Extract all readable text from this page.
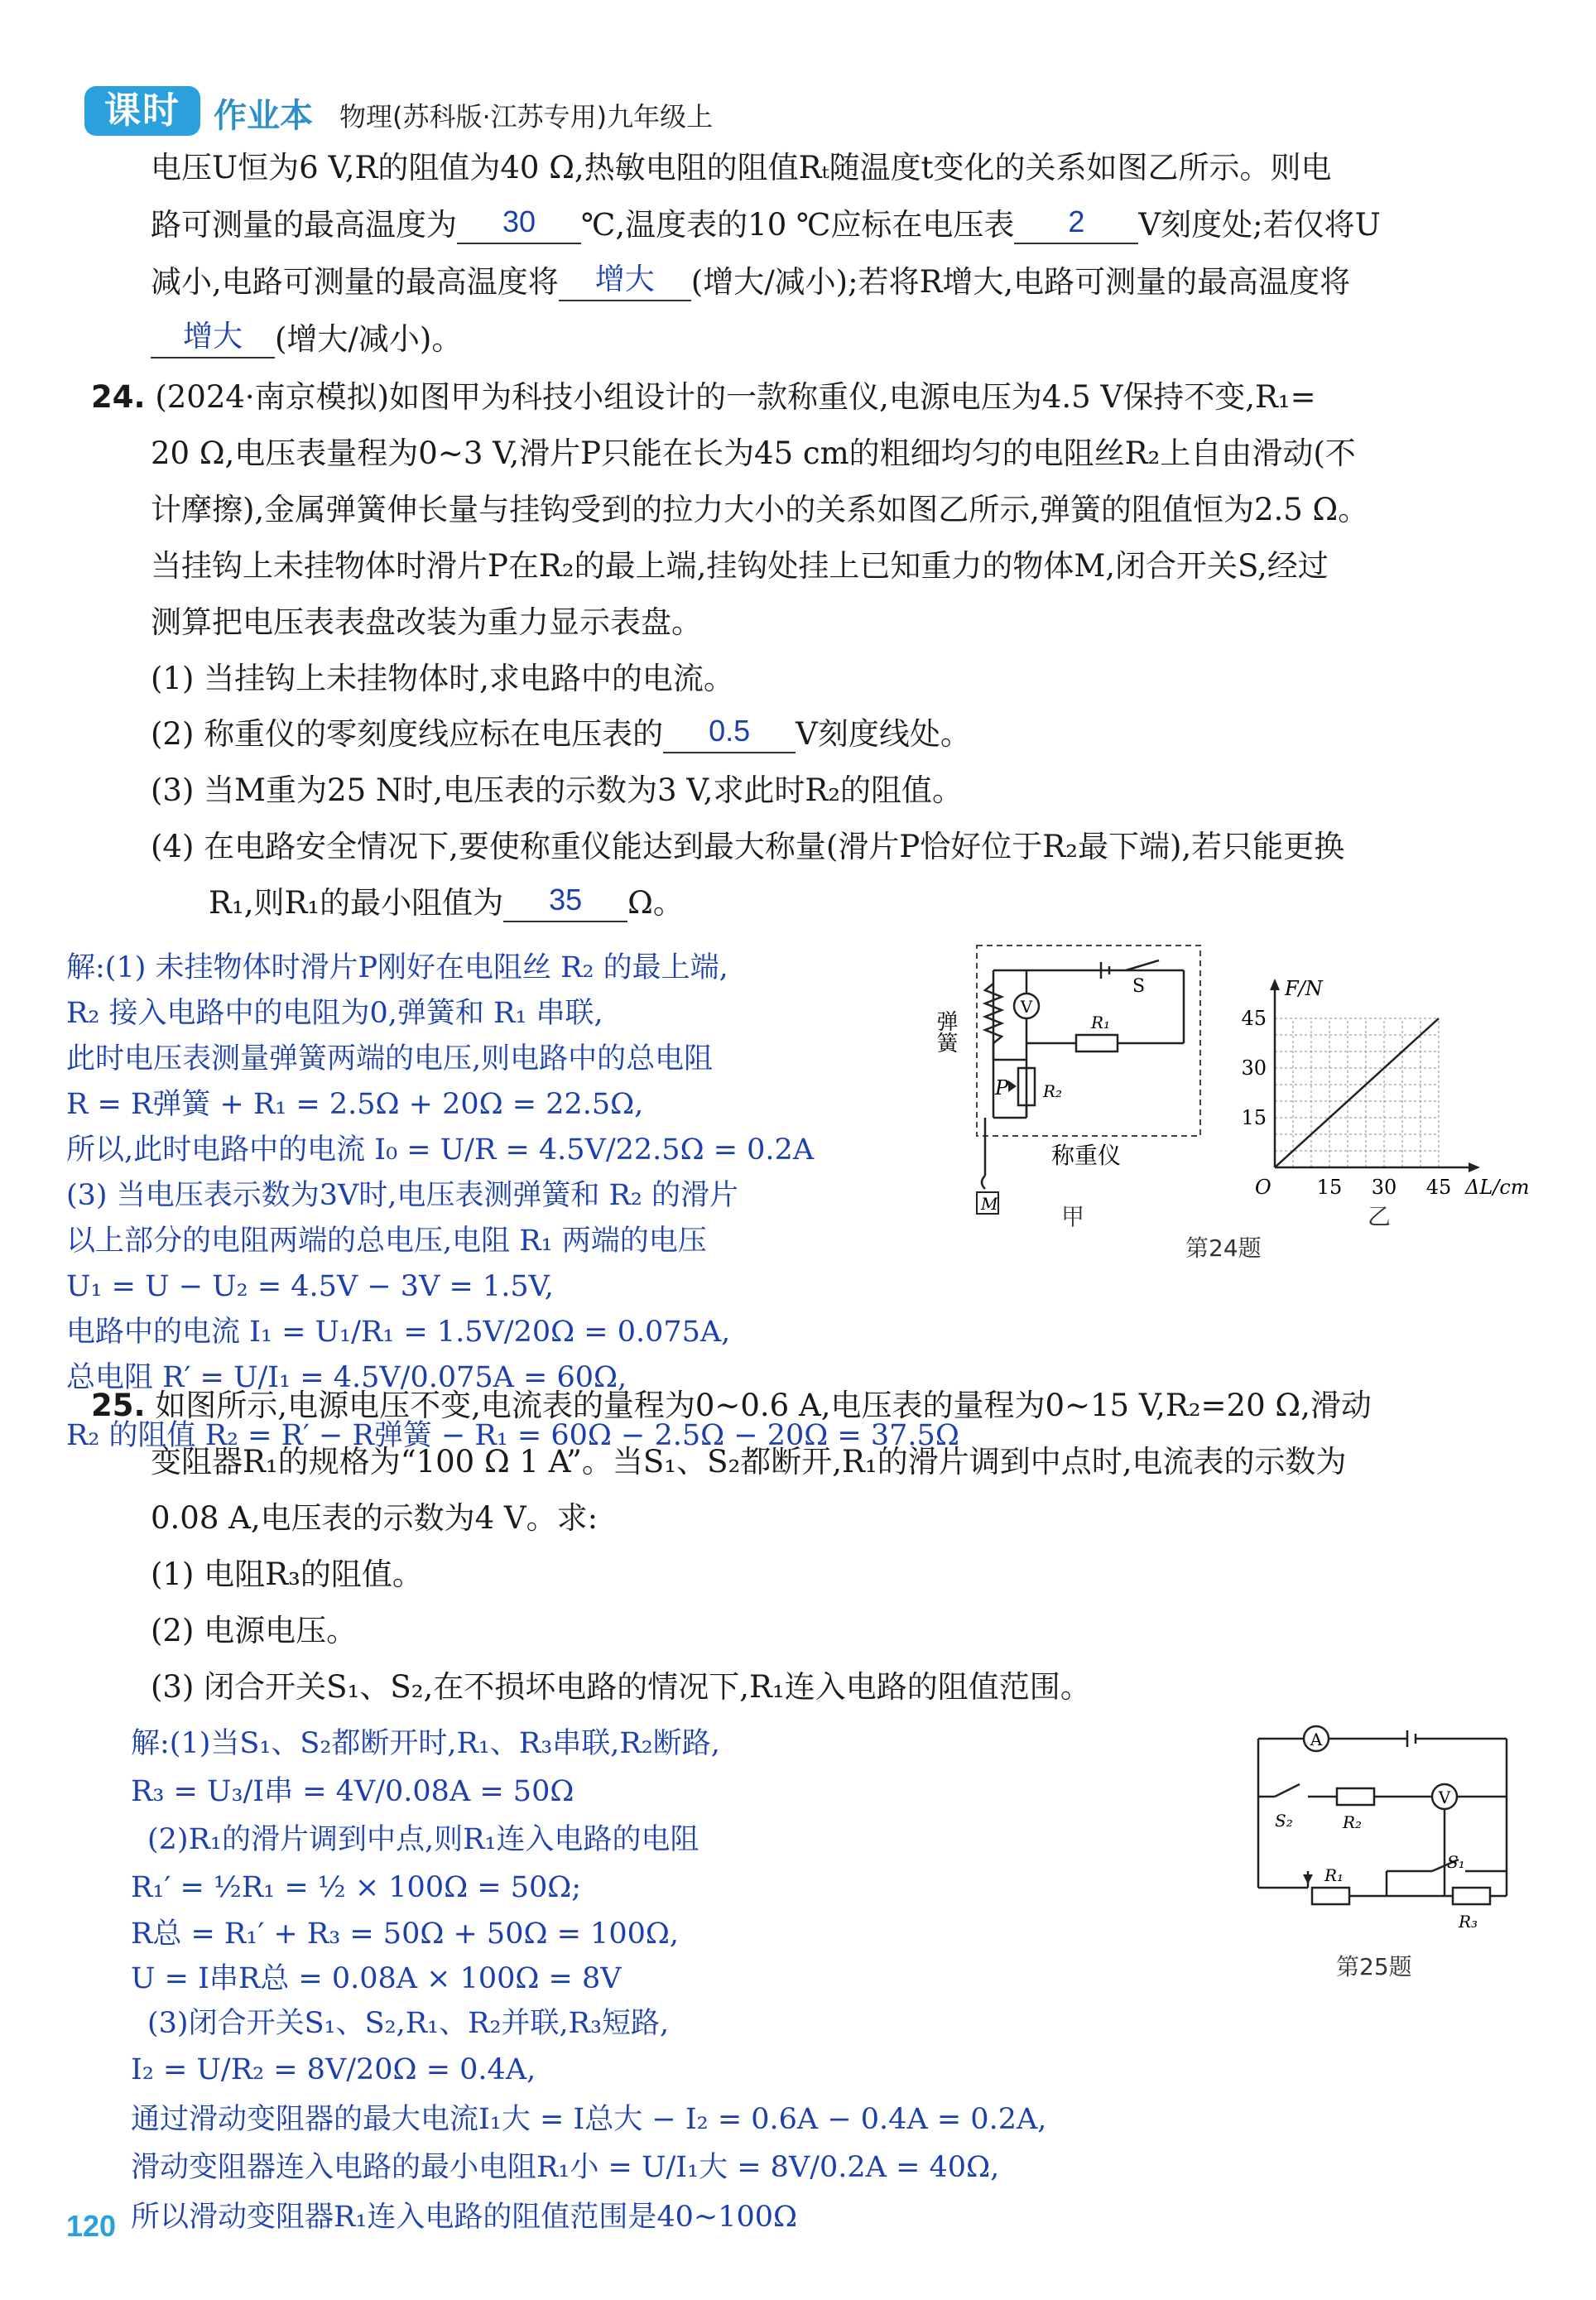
课时	作业本 物理(苏科版·江苏专用)九年级上
电压U恒为6 V,R的阻值为40 Ω,热敏电阻的阻值Rₜ随温度t变化的关系如图乙所示。则电
路可测量的最高温度为 30 ℃,温度表的10 ℃应标在电压表 2 V刻度处;若仅将U
减小,电路可测量的最高温度将 增大 (增大/减小);若将R增大,电路可测量的最高温度将
增大 (增大/减小)。
24. (2024·南京模拟)如图甲为科技小组设计的一款称重仪,电源电压为4.5 V保持不变,R₁=
20 Ω,电压表量程为0~3 V,滑片P只能在长为45 cm的粗细均匀的电阻丝R₂上自由滑动(不
计摩擦),金属弹簧伸长量与挂钩受到的拉力大小的关系如图乙所示,弹簧的阻值恒为2.5 Ω。
当挂钩上未挂物体时滑片P在R₂的最上端,挂钩处挂上已知重力的物体M,闭合开关S,经过
测算把电压表表盘改装为重力显示表盘。
(1) 当挂钩上未挂物体时,求电路中的电流。
(2) 称重仪的零刻度线应标在电压表的 0.5 V刻度线处。
(3) 当M重为25 N时,电压表的示数为3 V,求此时R₂的阻值。
(4) 在电路安全情况下,要使称重仪能达到最大称量(滑片P恰好位于R₂最下端),若只能更换
R₁,则R₁的最小阻值为 35 Ω。
解:(1) 未挂物体时滑片P刚好在电阻丝 R₂ 的最上端,
R₂ 接入电路中的电阻为0,弹簧和 R₁ 串联,
此时电压表测量弹簧两端的电压,则电路中的总电阻
R = R弹簧 + R₁ = 2.5Ω + 20Ω = 22.5Ω,
所以,此时电路中的电流 I₀ = U/R = 4.5V/22.5Ω = 0.2A
(3) 当电压表示数为3V时,电压表测弹簧和 R₂ 的滑片
以上部分的电阻两端的总电压,电阻 R₁ 两端的电压
U₁ = U − U₂ = 4.5V − 3V = 1.5V,
电路中的电流 I₁ = U₁/R₁ = 1.5V/20Ω = 0.075A,
总电阻 R′ = U/I₁ = 4.5V/0.075A = 60Ω,
R₂ 的阻值 R₂ = R′ − R弹簧 − R₁ = 60Ω − 2.5Ω − 20Ω = 37.5Ω
V
P R₂
R₁
S
弹簧
称重仪
M	甲
F/N
O	ΔL/cm
15 30 45
15
30
45
乙
第24题
25. 如图所示,电源电压不变,电流表的量程为0~0.6 A,电压表的量程为0~15 V,R₂=20 Ω,滑动
变阻器R₁的规格为“100 Ω 1 A”。当S₁、S₂都断开,R₁的滑片调到中点时,电流表的示数为
0.08 A,电压表的示数为4 V。求:
(1) 电阻R₃的阻值。
(2) 电源电压。
(3) 闭合开关S₁、S₂,在不损坏电路的情况下,R₁连入电路的阻值范围。
解:(1)当S₁、S₂都断开时,R₁、R₃串联,R₂断路,
R₃ = U₃/I串 = 4V/0.08A = 50Ω
(2)R₁的滑片调到中点,则R₁连入电路的电阻
R₁′ = ½R₁ = ½ × 100Ω = 50Ω;
R总 = R₁′ + R₃ = 50Ω + 50Ω = 100Ω,
U = I串R总 = 0.08A × 100Ω = 8V
(3)闭合开关S₁、S₂,R₁、R₂并联,R₃短路,
I₂ = U/R₂ = 8V/20Ω = 0.4A,
通过滑动变阻器的最大电流I₁大 = I总大 − I₂ = 0.6A − 0.4A = 0.2A,
滑动变阻器连入电路的最小电阻R₁小 = U/I₁大 = 8V/0.2A = 40Ω,
所以滑动变阻器R₁连入电路的阻值范围是40~100Ω
A
V
S₂	R₂
R₁
S₁
R₃
第25题
120
